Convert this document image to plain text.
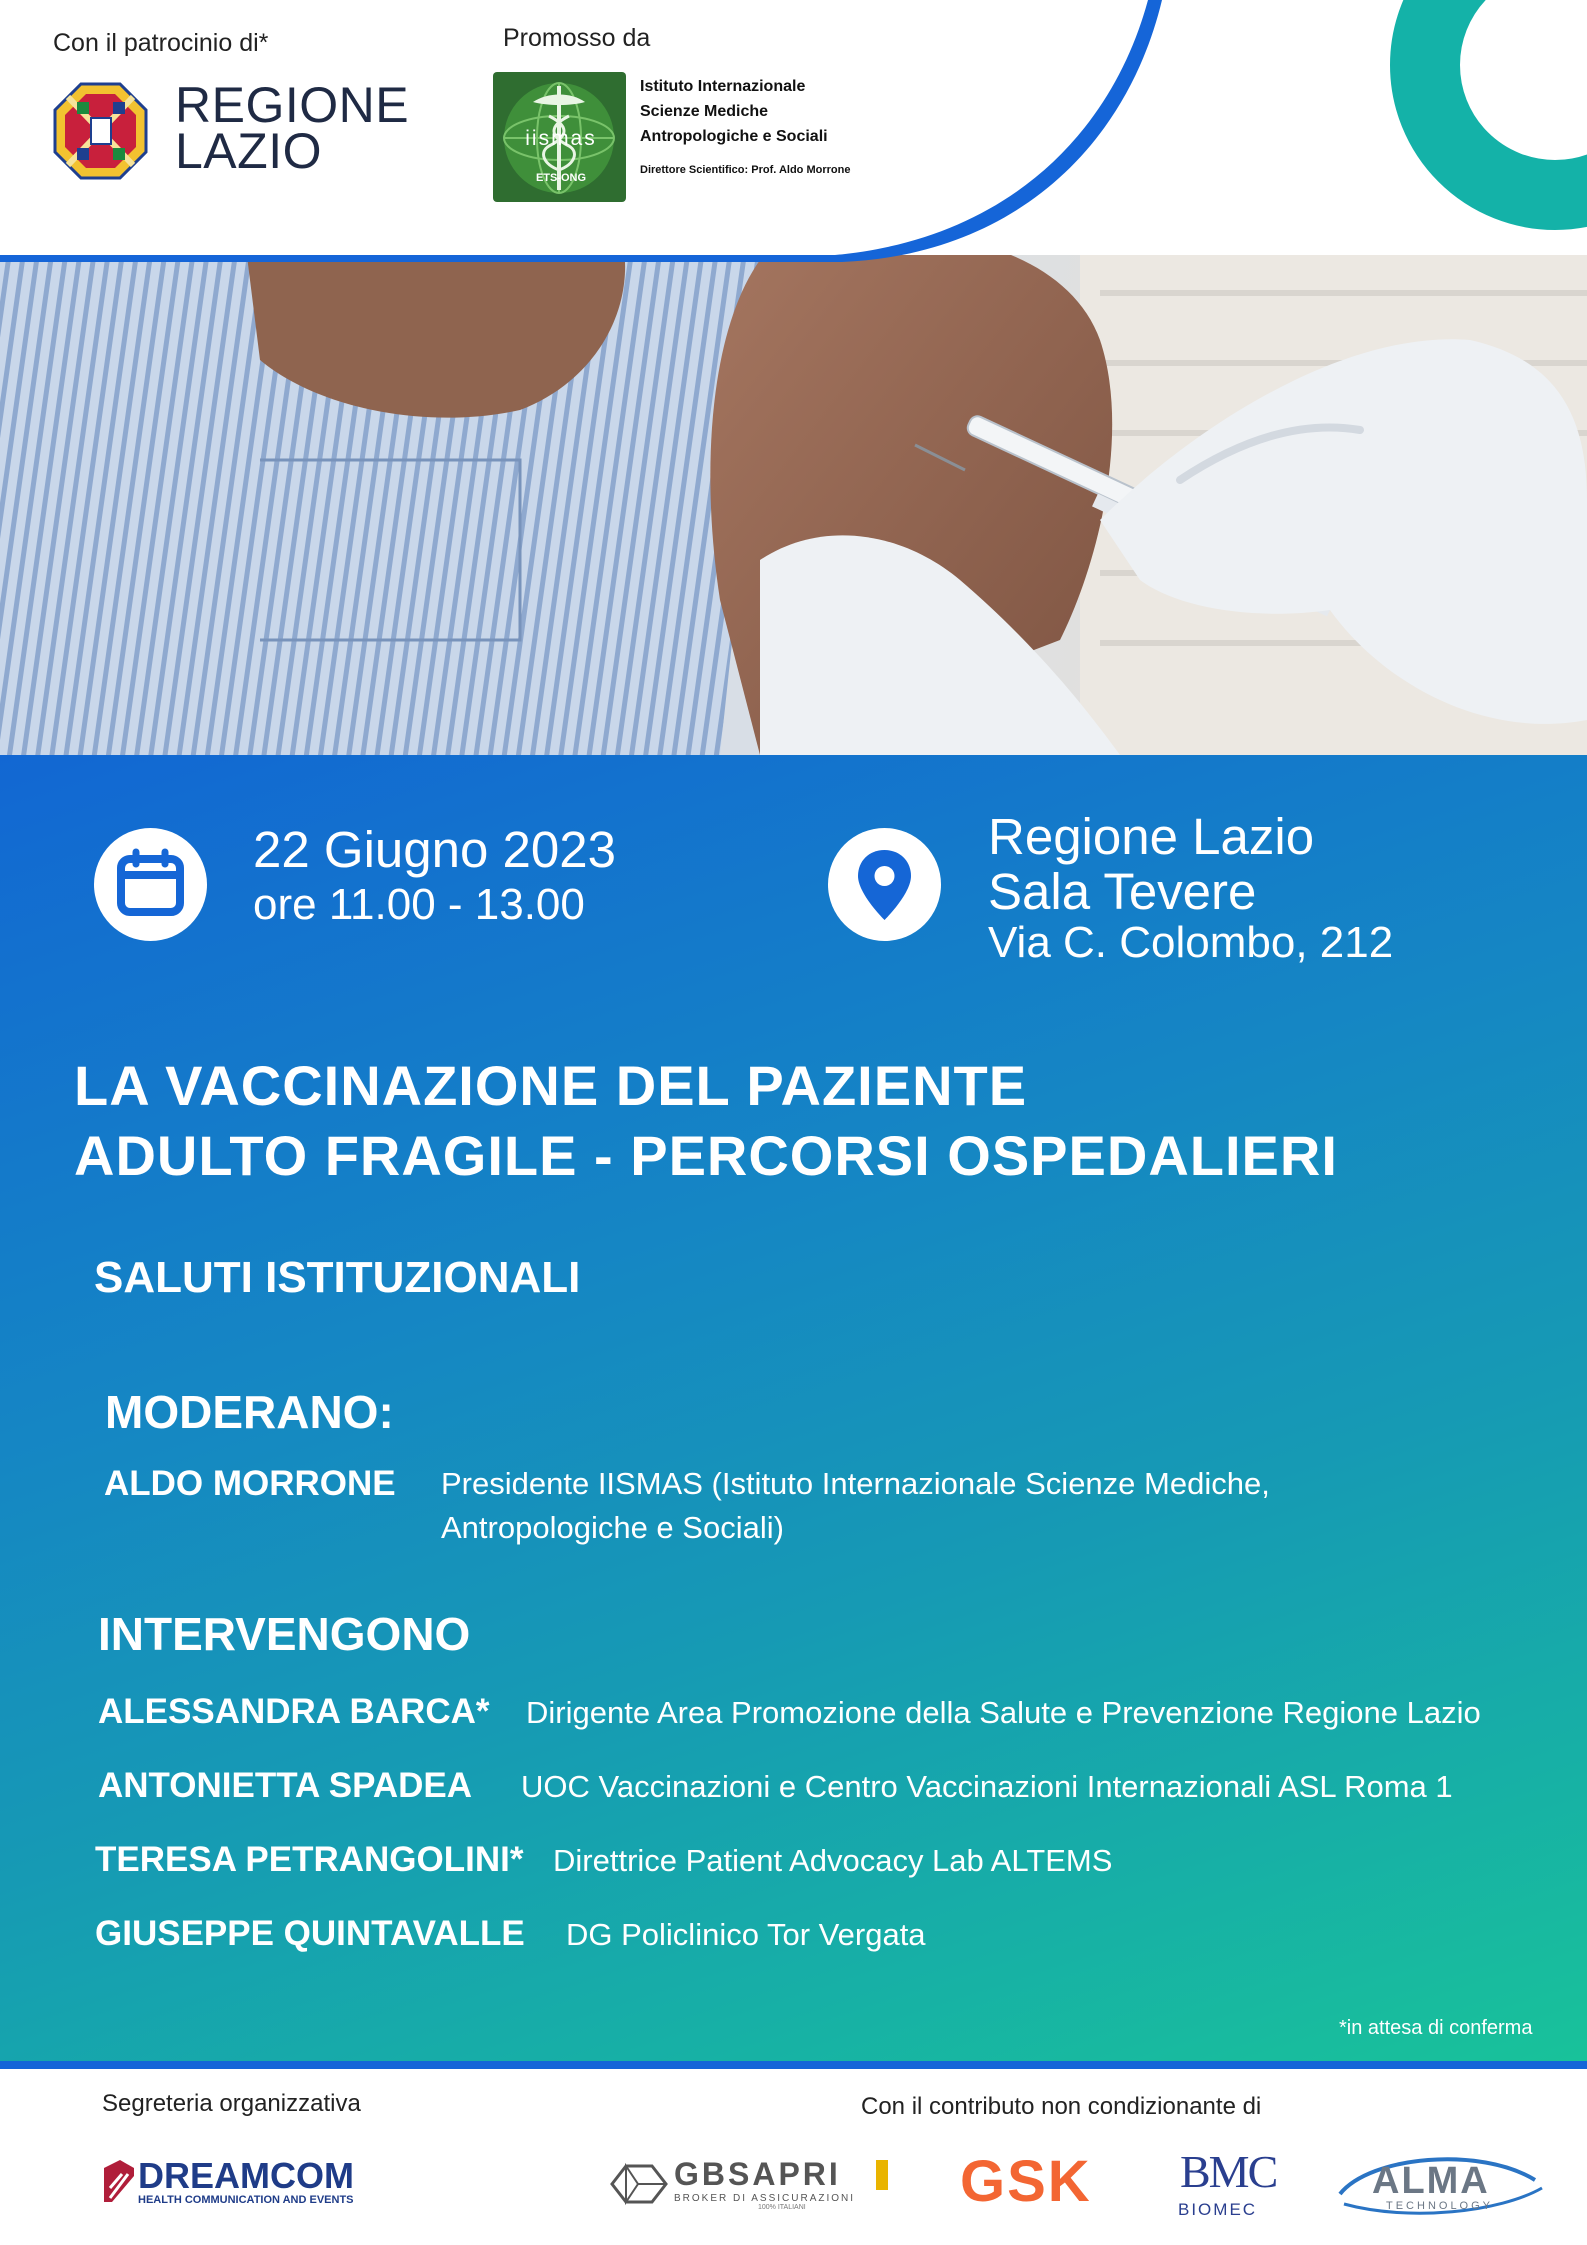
Con il patrocinio di*	Promosso da
REGIONE
LAZIO	iismas
ETS-ONG
Istituto Internazionale
Scienze Mediche
Antropologiche e Sociali
Direttore Scientifico: Prof. Aldo Morrone
22 Giugno 2023
ore 11.00 - 13.00
Regione Lazio
Sala Tevere
Via C. Colombo, 212
LA VACCINAZIONE DEL PAZIENTE
ADULTO FRAGILE - PERCORSI OSPEDALIERI
SALUTI ISTITUZIONALI
MODERANO:
ALDO MORRONE Presidente IISMAS (Istituto Internazionale Scienze Mediche,
Antropologiche e Sociali)
INTERVENGONO
ALESSANDRA BARCA* Dirigente Area Promozione della Salute e Prevenzione Regione Lazio
ANTONIETTA SPADEA UOC Vaccinazioni e Centro Vaccinazioni Internazionali ASL Roma 1
TERESA PETRANGOLINI* Direttrice Patient Advocacy Lab ALTEMS
GIUSEPPE QUINTAVALLE DG Policlinico Tor Vergata
*in attesa di conferma
Segreteria organizzativa	Con il contributo non condizionante di
DREAMCOM
HEALTH COMMUNICATION AND EVENTS
GBSAPRI
BROKER DI ASSICURAZIONI
100% ITALIANI	GSK BMC
BIOMEC
ALMA
TECHNOLOGY
